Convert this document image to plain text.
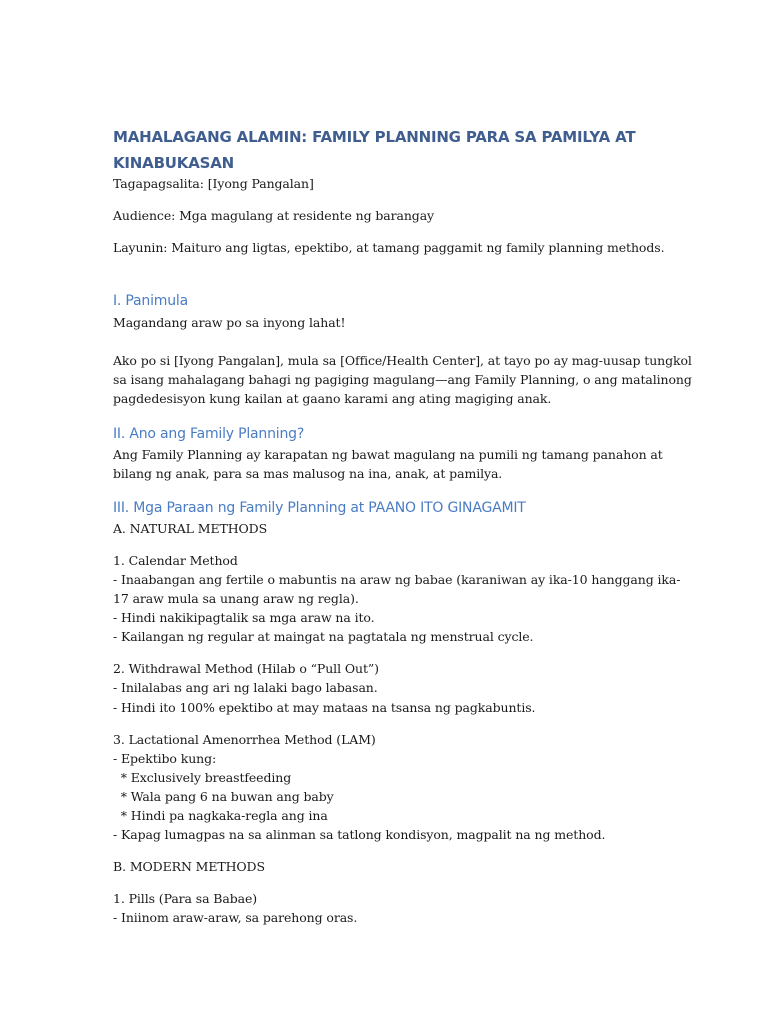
MAHALAGANG ALAMIN: FAMILY PLANNING PARA SA PAMILYA AT
KINABUKASAN

Tagapagsalita: [Iyong Pangalan]

Audience: Mga magulang at residente ng barangay

Layunin: Maituro ang ligtas, epektibo, at tamang paggamit ng family planning methods.

I. Panimula

Magandang araw po sa inyong lahat!

Ako po si [Iyong Pangalan], mula sa [Office/Health Center], at tayo po ay mag-uusap tungkol

sa isang mahalagang bahagi ng pagiging magulang—ang Family Planning, o ang matalinong

pagdedesisyon kung kailan at gaano karami ang ating magiging anak.

II. Ano ang Family Planning?

Ang Family Planning ay karapatan ng bawat magulang na pumili ng tamang panahon at

bilang ng anak, para sa mas malusog na ina, anak, at pamilya.

III. Mga Paraan ng Family Planning at PAANO ITO GINAGAMIT

A. NATURAL METHODS

1. Calendar Method

- Inaabangan ang fertile o mabuntis na araw ng babae (karaniwan ay ika-10 hanggang ika-

17 araw mula sa unang araw ng regla).

- Hindi nakikipagtalik sa mga araw na ito.

- Kailangan ng regular at maingat na pagtatala ng menstrual cycle.

2. Withdrawal Method (Hilab o “Pull Out”)

- Inilalabas ang ari ng lalaki bago labasan.

- Hindi ito 100% epektibo at may mataas na tsansa ng pagkabuntis.

3. Lactational Amenorrhea Method (LAM)

- Epektibo kung:

* Exclusively breastfeeding

* Wala pang 6 na buwan ang baby

* Hindi pa nagkaka-regla ang ina

- Kapag lumagpas na sa alinman sa tatlong kondisyon, magpalit na ng method.

B. MODERN METHODS

1. Pills (Para sa Babae)

- Iniinom araw-araw, sa parehong oras.
